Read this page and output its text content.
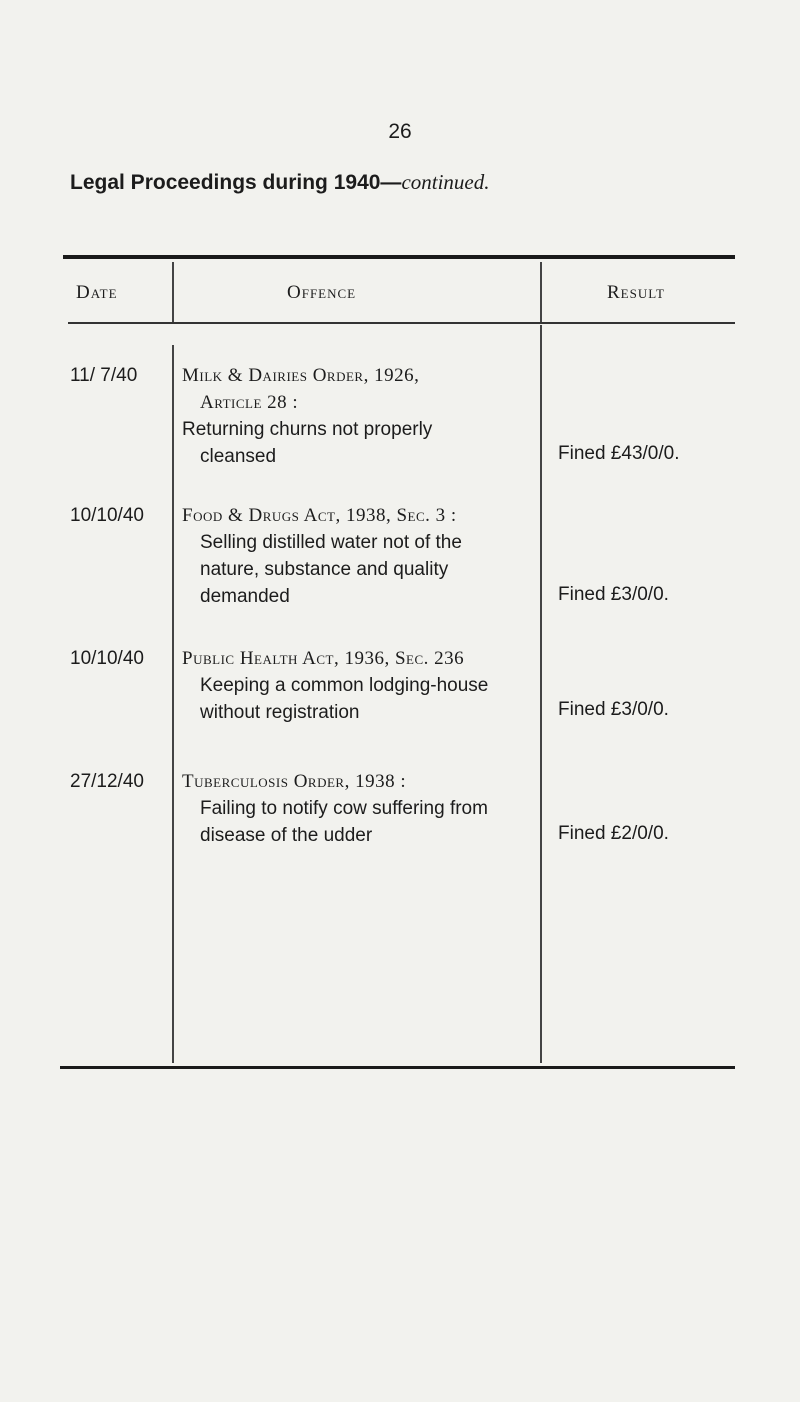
26
Legal Proceedings during 1940—continued.
Date	Offence	Result
11/ 7/40 Milk & Dairies Order, 1926,
Article 28 :
Returning churns not properly
cleansed	Fined £43/0/0.
10/10/40 Food & Drugs Act, 1938, Sec. 3 :
Selling distilled water not of the
nature, substance and quality
demanded	Fined £3/0/0.
10/10/40 Public Health Act, 1936, Sec. 236
Keeping a common lodging-house
without registration	Fined £3/0/0.
27/12/40 Tuberculosis Order, 1938 :
Failing to notify cow suffering from
disease of the udder	Fined £2/0/0.
